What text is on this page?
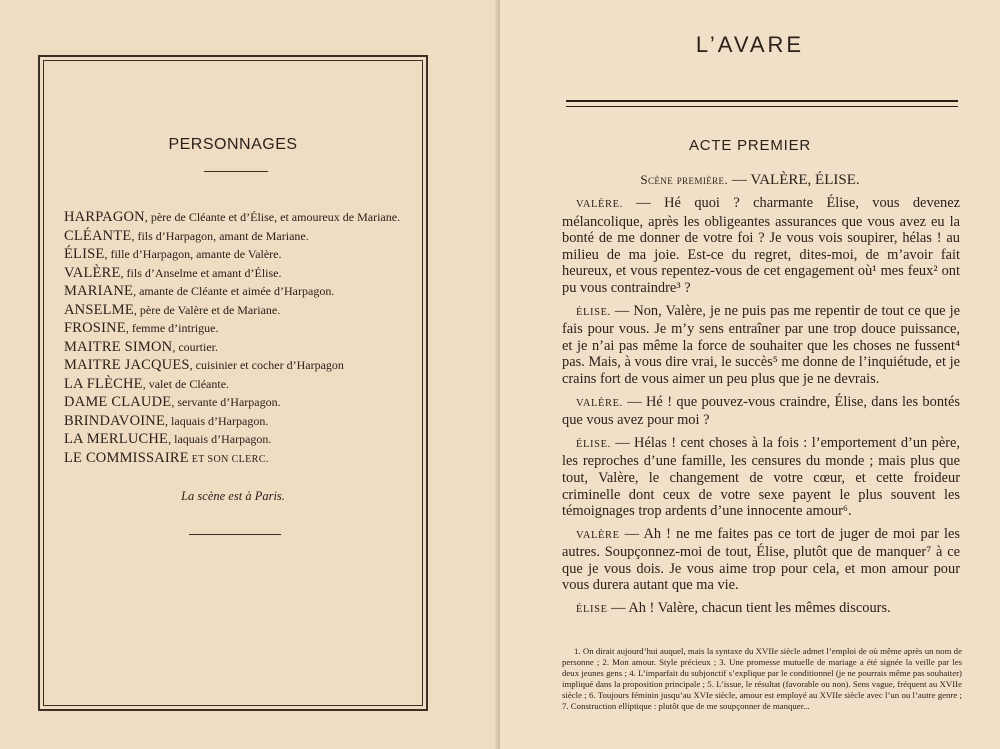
PERSONNAGES

HARPAGON, père de Cléante et d’Élise, et amoureux de Mariane.

CLÉANTE, fils d’Harpagon, amant de Mariane.

ÉLISE, fille d’Harpagon, amante de Valère.

VALÈRE, fils d’Anselme et amant d’Élise.

MARIANE, amante de Cléante et aimée d’Harpagon.

ANSELME, père de Valère et de Mariane.

FROSINE, femme d’intrigue.

MAITRE SIMON, courtier.

MAITRE JACQUES, cuisinier et cocher d’Harpagon

LA FLÈCHE, valet de Cléante.

DAME CLAUDE, servante d’Harpagon.

BRINDAVOINE, laquais d’Harpagon.

LA MERLUCHE, laquais d’Harpagon.

LE COMMISSAIRE ET SON CLERC.

La scène est à Paris.
L’AVARE
ACTE PREMIER
Scène première. — VALÈRE, ÉLISE.

VALÈRE. — Hé quoi ? charmante Élise, vous devenez mélancolique, après les obligeantes assurances que vous avez eu la bonté de me donner de votre foi ? Je vous vois soupirer, hélas ! au milieu de ma joie. Est-ce du regret, dites-moi, de m’avoir fait heureux, et vous repentez-vous de cet engagement où¹ mes feux² ont pu vous contraindre³ ?

ÉLISE. — Non, Valère, je ne puis pas me repentir de tout ce que je fais pour vous. Je m’y sens entraîner par une trop douce puissance, et je n’ai pas même la force de souhaiter que les choses ne fussent⁴ pas. Mais, à vous dire vrai, le succès⁵ me donne de l’inquiétude, et je crains fort de vous aimer un peu plus que je ne devrais.

VALÈRE. — Hé ! que pouvez-vous craindre, Élise, dans les bontés que vous avez pour moi ?

ÉLISE. — Hélas ! cent choses à la fois : l’emportement d’un père, les reproches d’une famille, les censures du monde ; mais plus que tout, Valère, le changement de votre cœur, et cette froideur criminelle dont ceux de votre sexe payent le plus souvent les témoignages trop ardents d’une innocente amour⁶.

VALÈRE — Ah ! ne me faites pas ce tort de juger de moi par les autres. Soupçonnez-moi de tout, Élise, plutôt que de manquer⁷ à ce que je vous dois. Je vous aime trop pour cela, et mon amour pour vous durera autant que ma vie.

ÉLISE — Ah ! Valère, chacun tient les mêmes discours.

1. On dirait aujourd’hui auquel, mais la syntaxe du XVIIe siècle admet l’emploi de où même après un nom de personne ; 2. Mon amour. Style précieux ; 3. Une promesse mutuelle de mariage a été signée la veille par les deux jeunes gens ; 4. L’imparfait du subjonctif s’explique par le conditionnel (je ne pourrais même pas souhaiter) impliqué dans la proposition principale ; 5. L’issue, le résultat (favorable ou non). Sens vague, fréquent au XVIIe siècle ; 6. Toujours féminin jusqu’au XVIe siècle, amour est employé au XVIIe siècle avec l’un ou l’autre genre ; 7. Construction elliptique : plutôt que de me soupçonner de manquer...
